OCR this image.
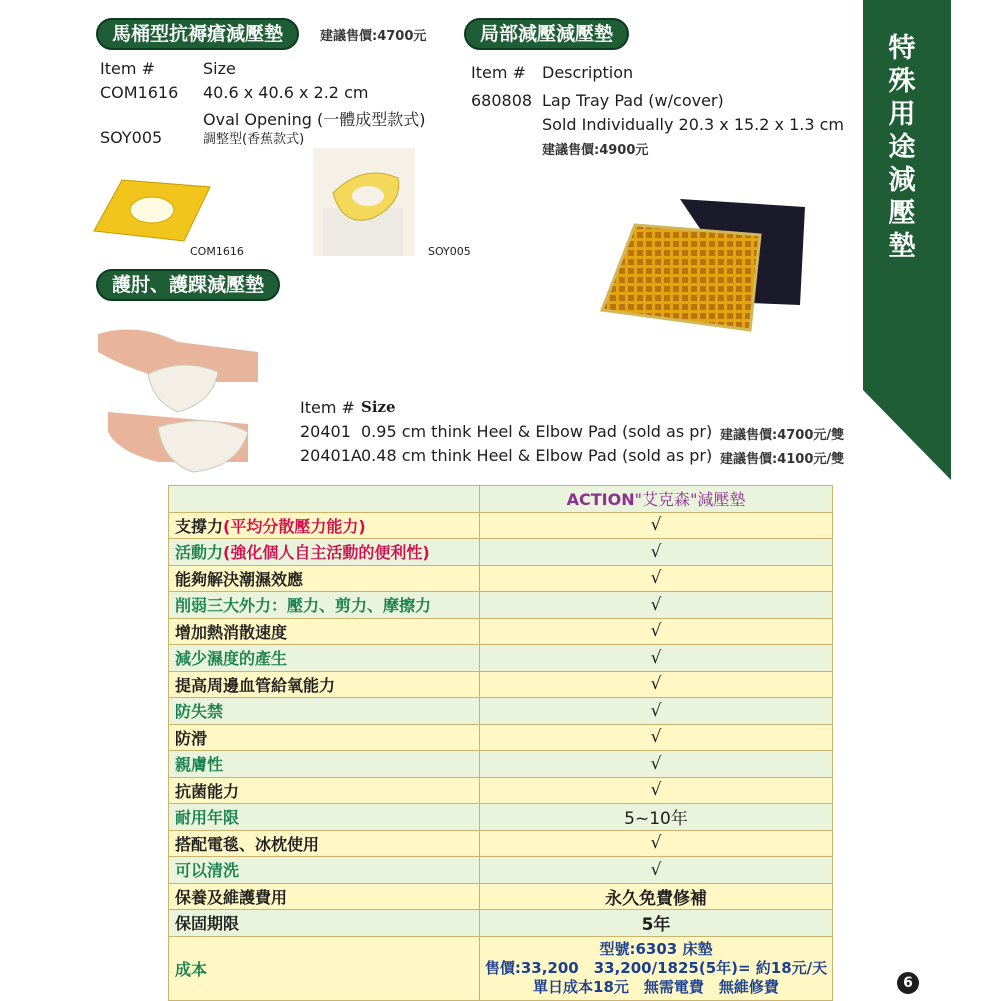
馬桶型抗褥瘡減壓墊	建議售價:4700元
Item #	Size
COM1616 40.6 x 40.6 x 2.2 cm
Oval Opening (一體成型款式)
SOY005	調整型(香蕉款式)
COM1616	SOY005
局部減壓減壓墊
Item # Description
680808 Lap Tray Pad (w/cover)
Sold Individually 20.3 x 15.2 x 1.3 cm
建議售價:4900元
護肘、護踝減壓墊
Item # Size
20401 0.95 cm think Heel & Elbow Pad (sold as pr) 建議售價:4700元/雙
20401A 0.48 cm think Heel & Elbow Pad (sold as pr) 建議售價:4100元/雙
特殊用途減壓墊
	ACTION"艾克森"減壓墊
支撐力(平均分散壓力能力)	√
活動力(強化個人自主活動的便利性)	√
能夠解決潮濕效應	√
削弱三大外力：壓力、剪力、摩擦力	√
增加熱消散速度	√
減少濕度的產生	√
提高周邊血管給氧能力	√
防失禁	√
防滑	√
親膚性	√
抗菌能力	√
耐用年限	5~10年
搭配電毯、冰枕使用	√
可以清洗	√
保養及維護費用	永久免費修補
保固期限	5年
成本	型號:6303 床墊
售價:33,200　33,200/1825(5年)= 約18元/天
單日成本18元　無需電費　無維修費	6
